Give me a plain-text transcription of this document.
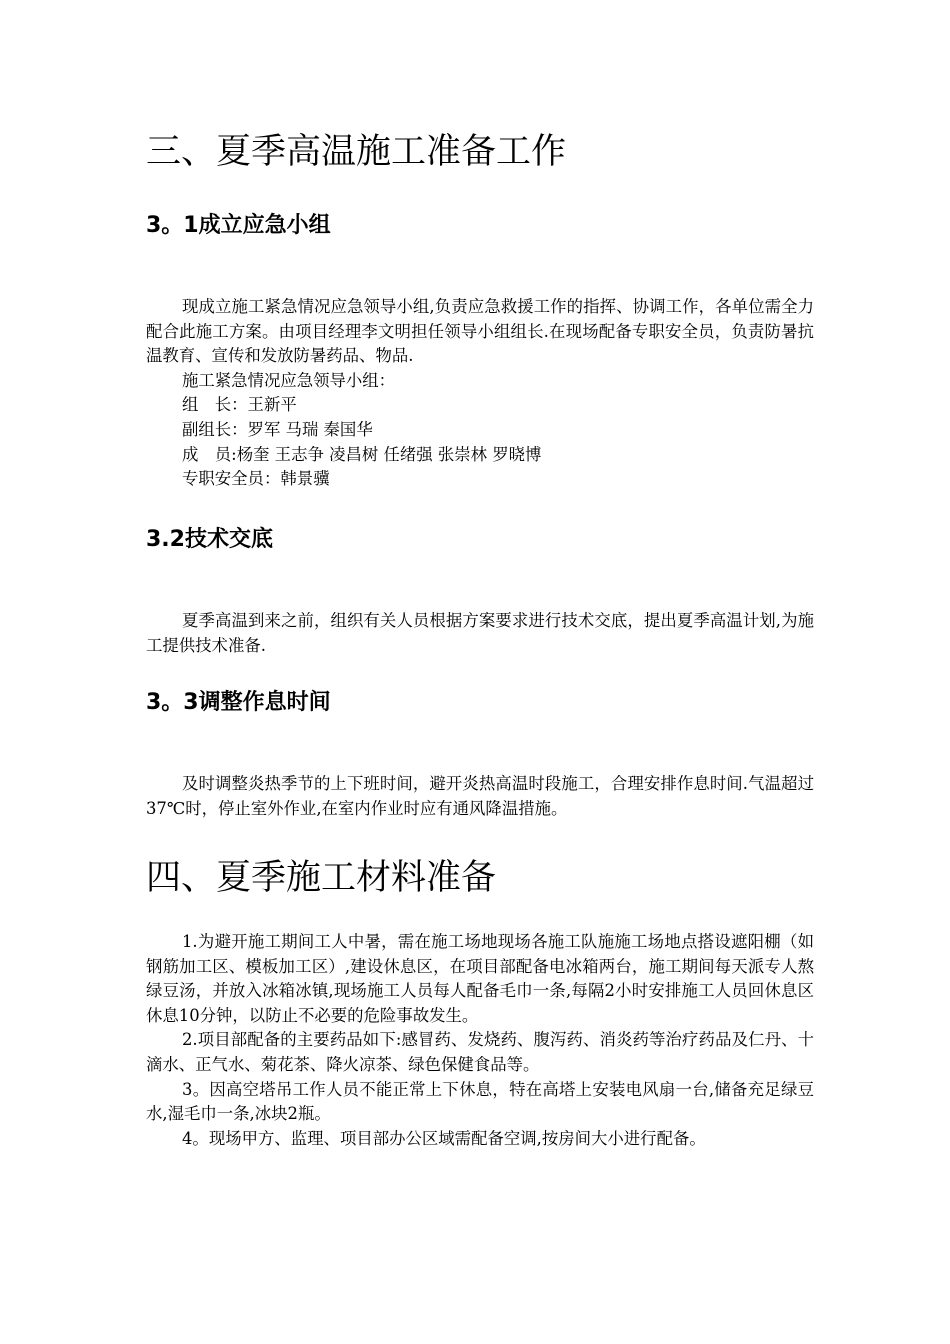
三、夏季高温施工准备工作
3。1成立应急小组

现成立施工紧急情况应急领导小组,负责应急救援工作的指挥、协调工作，各单位需全力配合此施工方案。由项目经理李文明担任领导小组组长.在现场配备专职安全员，负责防暑抗温教育、宣传和发放防暑药品、物品.

施工紧急情况应急领导小组：

组　长：王新平

副组长：罗军 马瑞 秦国华

成　员:杨奎 王志争 凌昌树 任绪强 张崇林 罗晓博

专职安全员：韩景骥

3.2技术交底

夏季高温到来之前，组织有关人员根据方案要求进行技术交底，提出夏季高温计划,为施工提供技术准备.

3。3调整作息时间

及时调整炎热季节的上下班时间，避开炎热高温时段施工，合理安排作息时间.气温超过37℃时，停止室外作业,在室内作业时应有通风降温措施。

四、夏季施工材料准备

1.为避开施工期间工人中暑，需在施工场地现场各施工队施施工场地点搭设遮阳棚（如钢筋加工区、模板加工区）,建设休息区，在项目部配备电冰箱两台，施工期间每天派专人熬绿豆汤，并放入冰箱冰镇,现场施工人员每人配备毛巾一条,每隔2小时安排施工人员回休息区休息10分钟，以防止不必要的危险事故发生。

2.项目部配备的主要药品如下:感冒药、发烧药、腹泻药、消炎药等治疗药品及仁丹、十滴水、正气水、菊花茶、降火凉茶、绿色保健食品等。

3。因高空塔吊工作人员不能正常上下休息，特在高塔上安装电风扇一台,储备充足绿豆水,湿毛巾一条,冰块2瓶。

4。现场甲方、监理、项目部办公区域需配备空调,按房间大小进行配备。
